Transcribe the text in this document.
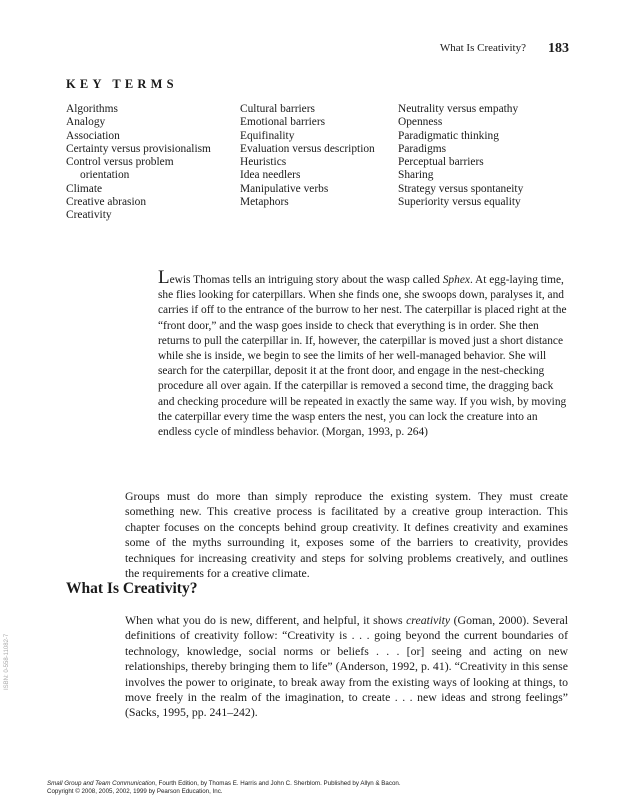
What Is Creativity? 183
KEY TERMS
Algorithms
Analogy
Association
Certainty versus provisionalism
Control versus problem
orientation
Climate
Creative abrasion
Creativity
Cultural barriers
Emotional barriers
Equifinality
Evaluation versus description
Heuristics
Idea needlers
Manipulative verbs
Metaphors
Neutrality versus empathy
Openness
Paradigmatic thinking
Paradigms
Perceptual barriers
Sharing
Strategy versus spontaneity
Superiority versus equality
Lewis Thomas tells an intriguing story about the wasp called Sphex. At egg-laying time, she flies looking for caterpillars. When she finds one, she swoops down, paralyses it, and carries if off to the entrance of the burrow to her nest. The caterpillar is placed right at the “front door,” and the wasp goes inside to check that everything is in order. She then returns to pull the caterpillar in. If, however, the caterpillar is moved just a short distance while she is inside, we begin to see the limits of her well-managed behavior. She will search for the caterpillar, deposit it at the front door, and engage in the nest-checking procedure all over again. If the caterpillar is removed a second time, the dragging back and checking procedure will be repeated in exactly the same way. If you wish, by moving the caterpillar every time the wasp enters the nest, you can lock the creature into an endless cycle of mindless behavior. (Morgan, 1993, p. 264)
Groups must do more than simply reproduce the existing system. They must create something new. This creative process is facilitated by a creative group interaction. This chapter focuses on the concepts behind group creativity. It defines creativity and examines some of the myths surrounding it, exposes some of the barriers to creativity, provides techniques for increasing creativity and steps for solving problems creatively, and outlines the requirements for a creative climate.
What Is Creativity?
When what you do is new, different, and helpful, it shows creativity (Goman, 2000). Several definitions of creativity follow: “Creativity is . . . going beyond the current boundaries of technology, knowledge, social norms or beliefs . . . [or] seeing and acting on new relationships, thereby bringing them to life” (Anderson, 1992, p. 41). “Creativity in this sense involves the power to originate, to break away from the existing ways of looking at things, to move freely in the realm of the imagination, to create . . . new ideas and strong feelings” (Sacks, 1995, pp. 241–242).
ISBN: 0-558-11082-7
Small Group and Team Communication, Fourth Edition, by Thomas E. Harris and John C. Sherblom. Published by Allyn & Bacon.
Copyright © 2008, 2005, 2002, 1999 by Pearson Education, Inc.
